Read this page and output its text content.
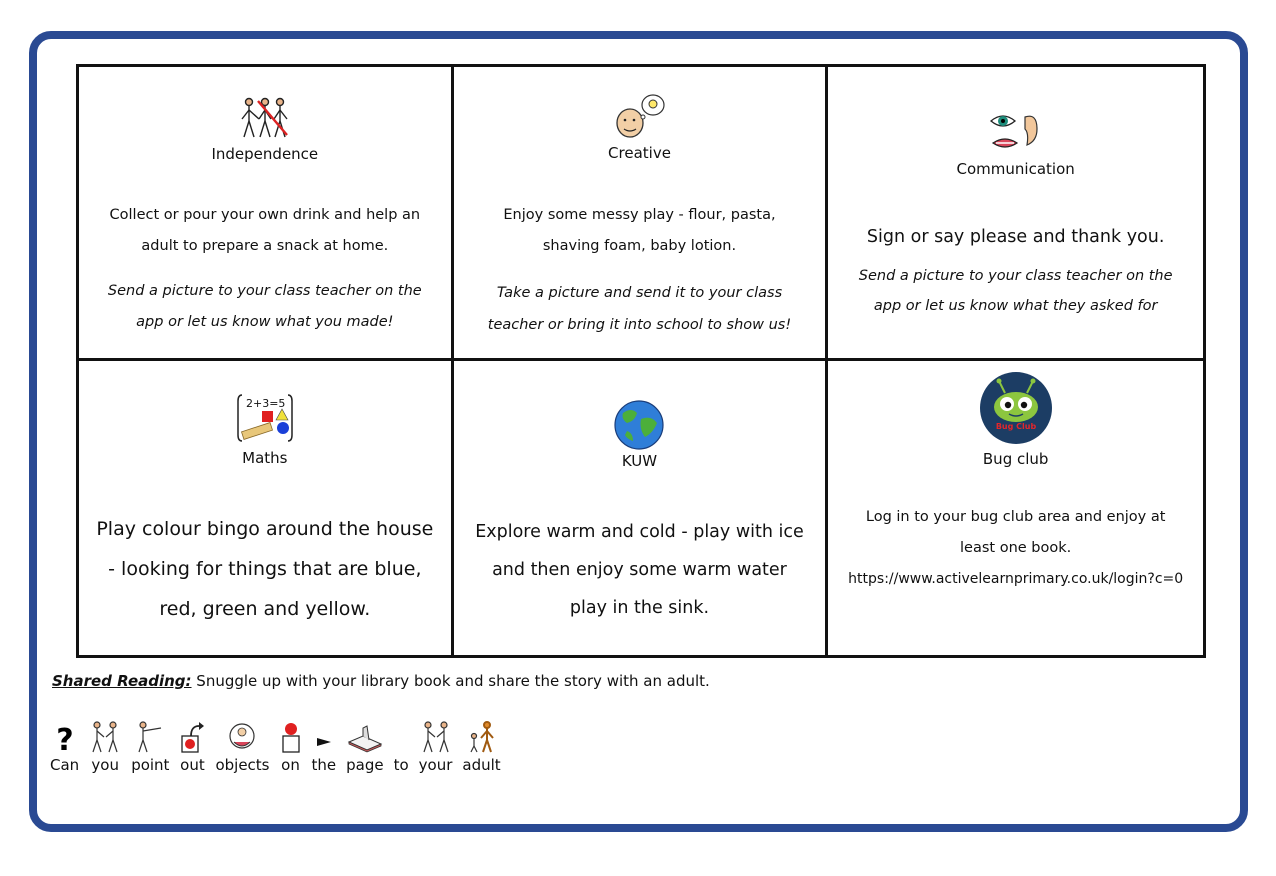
Independence
Collect or pour your own drink and help an
adult to prepare a snack at home.
Send a picture to your class teacher on the
app or let us know what you made!
Creative
Enjoy some messy play - flour, pasta,
shaving foam, baby lotion.
Take a picture and send it to your class
teacher or bring it into school to show us!
Communication
Sign or say please and thank you.
Send a picture to your class teacher on the
app or let us know what they asked for
2+3=5
Maths
Play colour bingo around the house
- looking for things that are blue,
red, green and yellow.
KUW
Explore warm and cold - play with ice
and then enjoy some warm water
play in the sink.
Bug Club
Bug club
Log in to your bug club area and enjoy at
least one book.
https://www.activelearnprimary.co.uk/login?c=0
Shared Reading: Snuggle up with your library book and share the story with an adult.
?
Can you point out objects on the page to your adult
